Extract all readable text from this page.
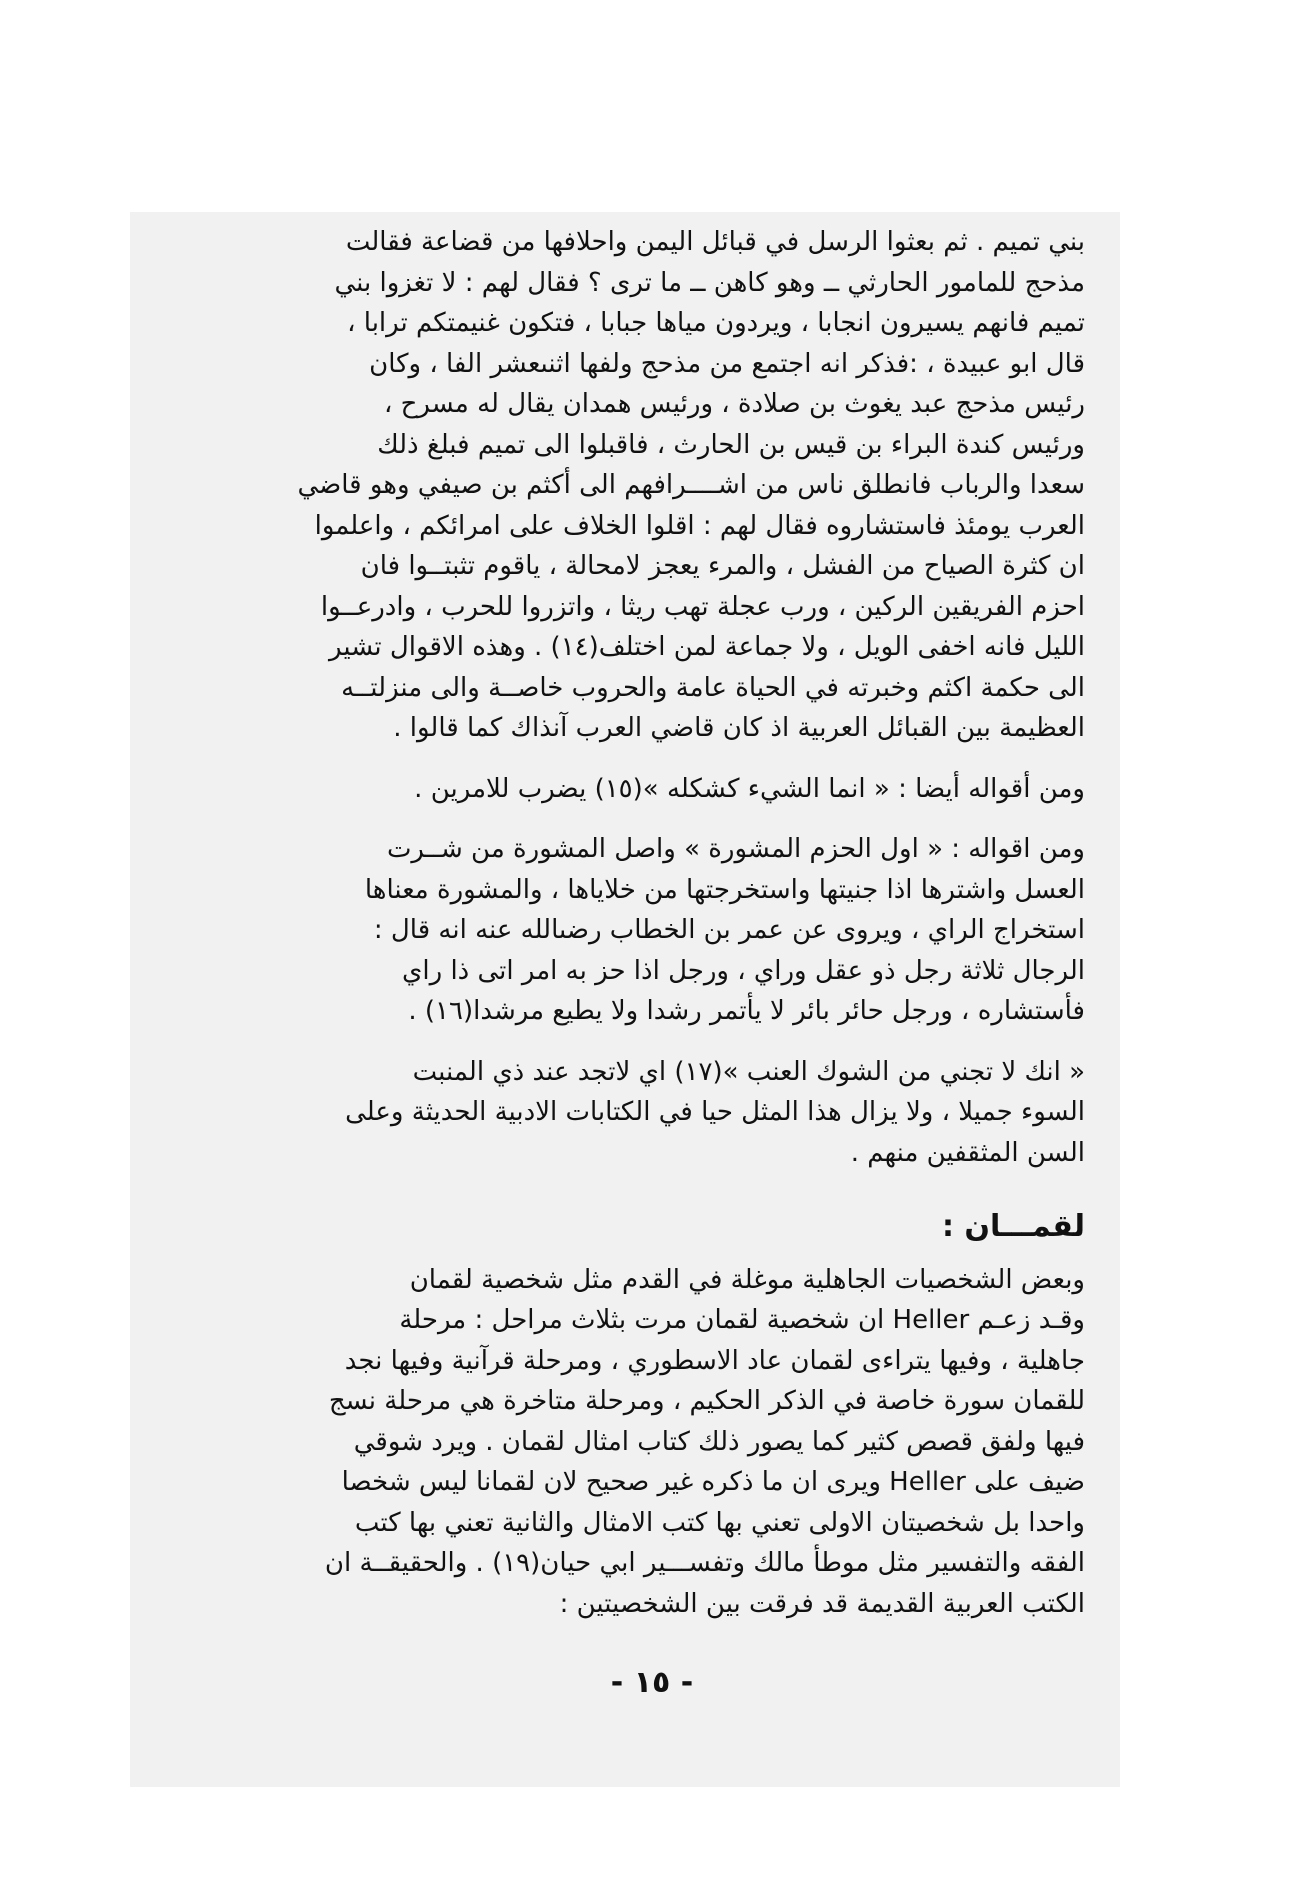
بني تميم . ثم بعثوا الرسل في قبائل اليمن واحلافها من قضاعة فقالت
مذحج للمامور الحارثي ــ وهو كاهن ــ ما ترى ؟ فقال لهم : لا تغزوا بني
تميم فانهم يسيرون انجابا ، ويردون مياها جبابا ، فتكون غنيمتكم ترابا ،
قال ابو عبيدة ، :فذكر انه اجتمع من مذحج ولفها اثنىعشر الفا ، وكان
رئيس مذحج عبد يغوث بن صلادة ، ورئيس همدان يقال له مسرح ،
ورئيس كندة البراء بن قيس بن الحارث ، فاقبلوا الى تميم فبلغ ذلك
سعدا والرباب فانطلق ناس من اشــــرافهم الى أكثم بن صيفي وهو قاضي
العرب يومئذ فاستشاروه فقال لهم : اقلوا الخلاف على امرائكم ، واعلموا
ان كثرة الصياح من الفشل ، والمرء يعجز لامحالة ، ياقوم تثبتــوا فان
احزم الفريقين الركين ، ورب عجلة تهب ريثا ، واتزروا للحرب ، وادرعــوا
الليل فانه اخفى الويل ، ولا جماعة لمن اختلف(١٤) . وهذه الاقوال تشير
الى حكمة اكثم وخبرته في الحياة عامة والحروب خاصــة والى منزلتــه
العظيمة بين القبائل العربية اذ كان قاضي العرب آنذاك كما قالوا .

ومن أقواله أيضا : « انما الشيء كشكله »(١٥) يضرب للامرين .

ومن اقواله : « اول الحزم المشورة » واصل المشورة من شــرت
العسل واشترها اذا جنيتها واستخرجتها من خلاياها ، والمشورة معناها
استخراج الراي ، ويروى عن عمر بن الخطاب رضىالله عنه انه قال :
الرجال ثلاثة رجل ذو عقل وراي ، ورجل اذا حز به امر اتى ذا راي
فأستشاره ، ورجل حائر بائر لا يأتمر رشدا ولا يطيع مرشدا(١٦) .

« انك لا تجني من الشوك العنب »(١٧) اي لاتجد عند ذي المنبت
السوء جميلا ، ولا يزال هذا المثل حيا في الكتابات الادبية الحديثة وعلى
السن المثقفين منهم .

لقمـــان :

وبعض الشخصيات الجاهلية موغلة في القدم مثل شخصية لقمان
وقـد زعـم Heller ان شخصية لقمان مرت بثلاث مراحل : مرحلة
جاهلية ، وفيها يتراءى لقمان عاد الاسطوري ، ومرحلة قرآنية وفيها نجد
للقمان سورة خاصة في الذكر الحكيم ، ومرحلة متاخرة هي مرحلة نسج
فيها ولفق قصص كثير كما يصور ذلك كتاب امثال لقمان . ويرد شوقي
ضيف على Heller ويرى ان ما ذكره غير صحيح لان لقمانا ليس شخصا
واحدا بل شخصيتان الاولى تعني بها كتب الامثال والثانية تعني بها كتب
الفقه والتفسير مثل موطأ مالك وتفســـير ابي حيان(١٩) . والحقيقــة ان
الكتب العربية القديمة قد فرقت بين الشخصيتين :

- ١٥ -
